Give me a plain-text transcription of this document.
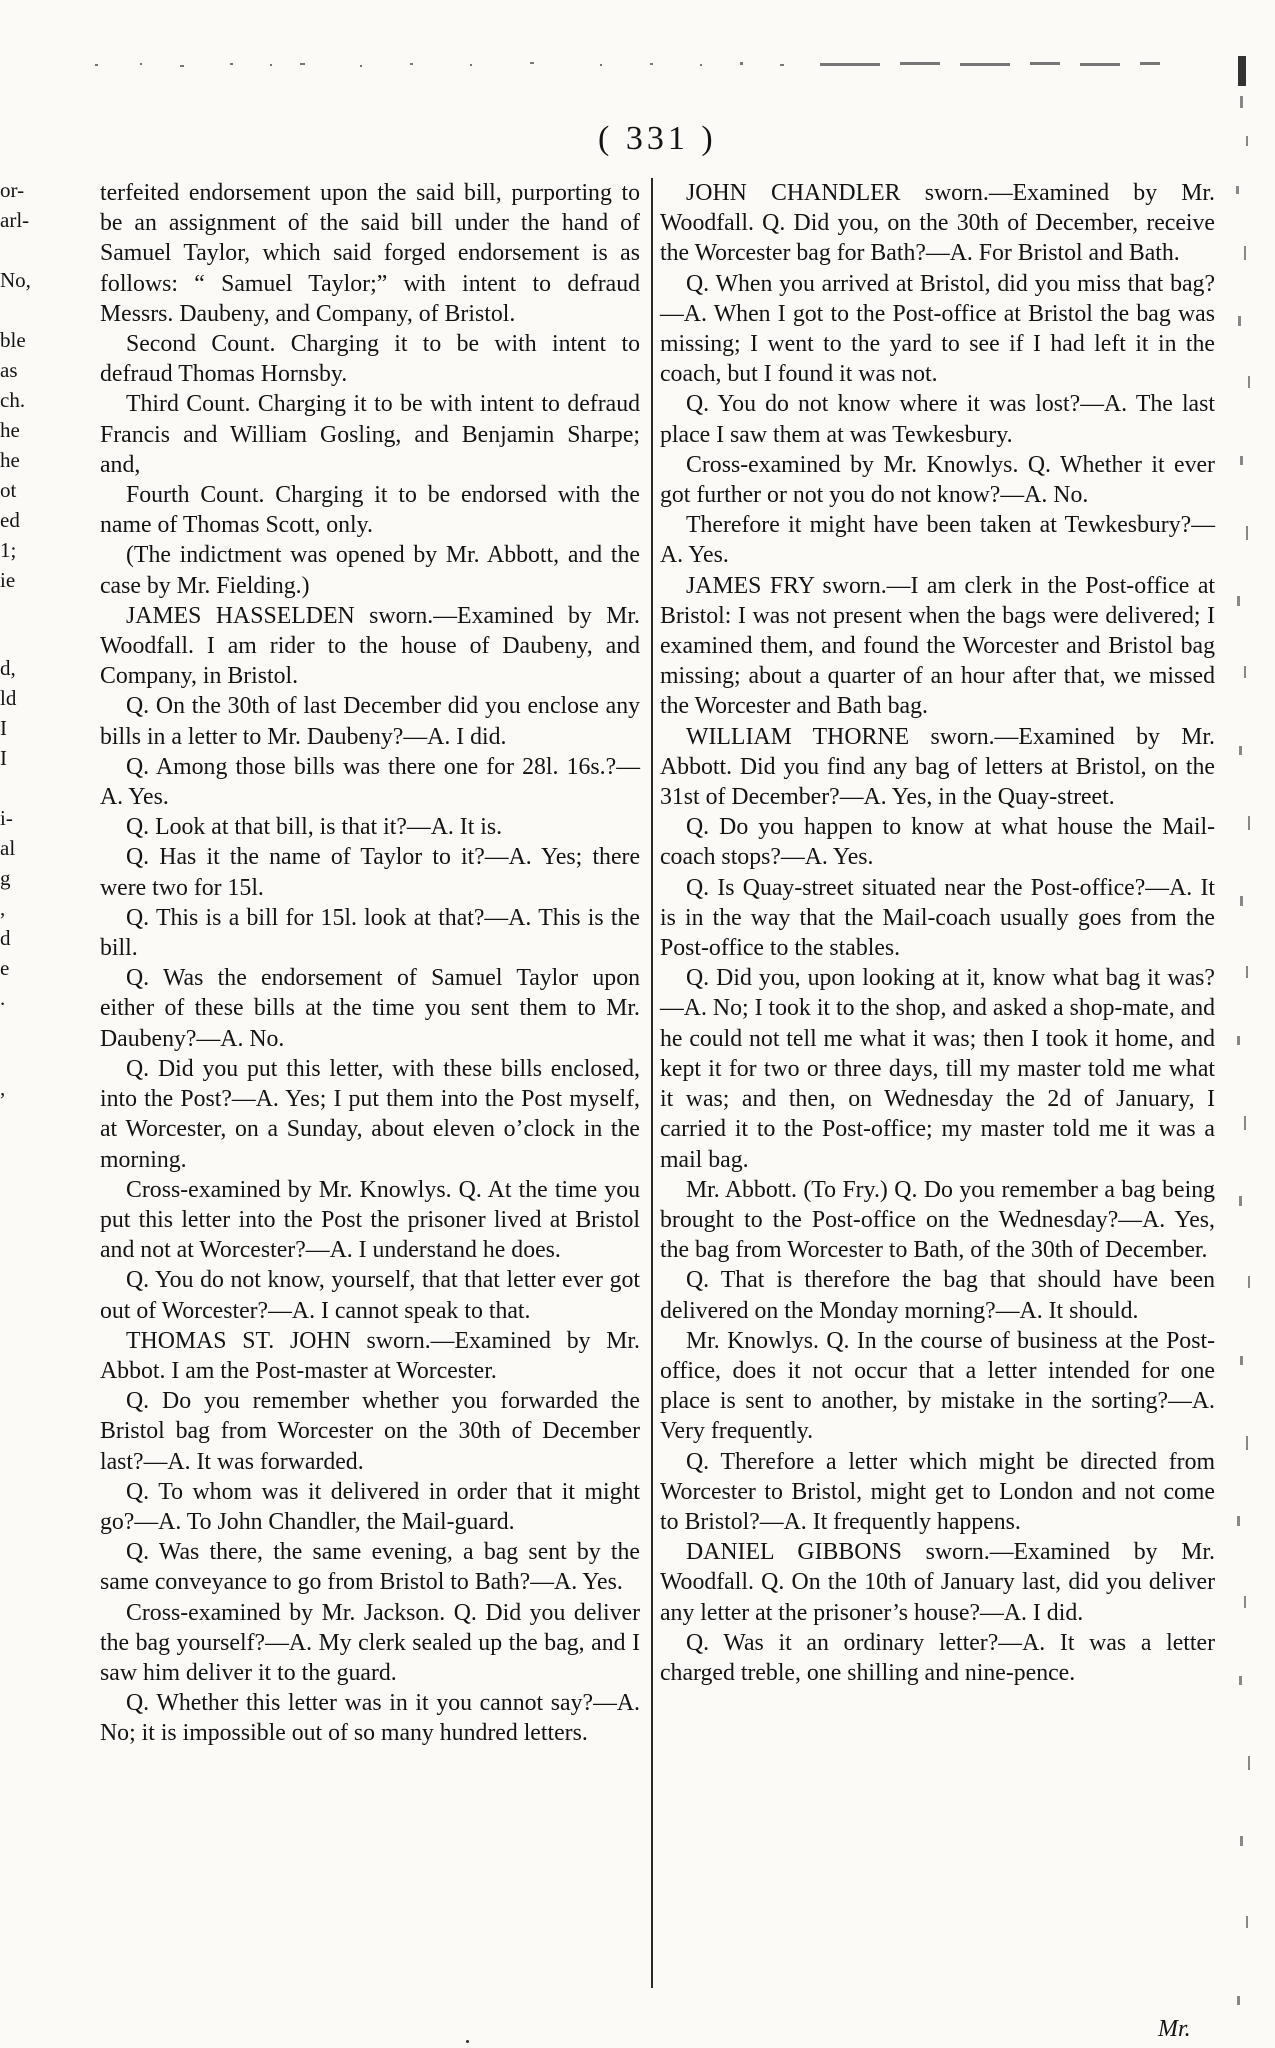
or-
arl-
No,
ble
as
ch.
he
he
ot
ed
1;
ie
d,
ld
I
I
i-
al
g
,
d
e
.
,
( 331 )

terfeited endorsement upon the said bill, purporting to be an assignment of the said bill under the hand of Samuel Taylor, which said forged endorsement is as follows: “ Samuel Taylor;” with intent to defraud Messrs. Daubeny, and Company, of Bristol.

Second Count. Charging it to be with intent to defraud Thomas Hornsby.

Third Count. Charging it to be with intent to defraud Francis and William Gosling, and Benjamin Sharpe; and,

Fourth Count. Charging it to be endorsed with the name of Thomas Scott, only.

(The indictment was opened by Mr. Abbott, and the case by Mr. Fielding.)

JAMES HASSELDEN sworn.—Examined by Mr. Woodfall. I am rider to the house of Daubeny, and Company, in Bristol.

Q. On the 30th of last December did you enclose any bills in a letter to Mr. Daubeny?—A. I did.

Q. Among those bills was there one for 28l. 16s.?—A. Yes.

Q. Look at that bill, is that it?—A. It is.

Q. Has it the name of Taylor to it?—A. Yes; there were two for 15l.

Q. This is a bill for 15l. look at that?—A. This is the bill.

Q. Was the endorsement of Samuel Taylor upon either of these bills at the time you sent them to Mr. Daubeny?—A. No.

Q. Did you put this letter, with these bills enclosed, into the Post?—A. Yes; I put them into the Post myself, at Worcester, on a Sunday, about eleven o’clock in the morning.

Cross-examined by Mr. Knowlys. Q. At the time you put this letter into the Post the prisoner lived at Bristol and not at Worcester?—A. I understand he does.

Q. You do not know, yourself, that that letter ever got out of Worcester?—A. I cannot speak to that.

THOMAS ST. JOHN sworn.—Examined by Mr. Abbot. I am the Post-master at Worcester.

Q. Do you remember whether you forwarded the Bristol bag from Worcester on the 30th of December last?—A. It was forwarded.

Q. To whom was it delivered in order that it might go?—A. To John Chandler, the Mail-guard.

Q. Was there, the same evening, a bag sent by the same conveyance to go from Bristol to Bath?—A. Yes.

Cross-examined by Mr. Jackson. Q. Did you deliver the bag yourself?—A. My clerk sealed up the bag, and I saw him deliver it to the guard.

Q. Whether this letter was in it you cannot say?—A. No; it is impossible out of so many hundred letters.

JOHN CHANDLER sworn.—Examined by Mr. Woodfall. Q. Did you, on the 30th of December, receive the Worcester bag for Bath?—A. For Bristol and Bath.

Q. When you arrived at Bristol, did you miss that bag?—A. When I got to the Post-office at Bristol the bag was missing; I went to the yard to see if I had left it in the coach, but I found it was not.

Q. You do not know where it was lost?—A. The last place I saw them at was Tewkesbury.

Cross-examined by Mr. Knowlys. Q. Whether it ever got further or not you do not know?—A. No.

Therefore it might have been taken at Tewkesbury?—A. Yes.

JAMES FRY sworn.—I am clerk in the Post-office at Bristol: I was not present when the bags were delivered; I examined them, and found the Worcester and Bristol bag missing; about a quarter of an hour after that, we missed the Worcester and Bath bag.

WILLIAM THORNE sworn.—Examined by Mr. Abbott. Did you find any bag of letters at Bristol, on the 31st of December?—A. Yes, in the Quay-street.

Q. Do you happen to know at what house the Mail-coach stops?—A. Yes.

Q. Is Quay-street situated near the Post-office?—A. It is in the way that the Mail-coach usually goes from the Post-office to the stables.

Q. Did you, upon looking at it, know what bag it was?—A. No; I took it to the shop, and asked a shop-mate, and he could not tell me what it was; then I took it home, and kept it for two or three days, till my master told me what it was; and then, on Wednesday the 2d of January, I carried it to the Post-office; my master told me it was a mail bag.

Mr. Abbott. (To Fry.) Q. Do you remember a bag being brought to the Post-office on the Wednesday?—A. Yes, the bag from Worcester to Bath, of the 30th of December.

Q. That is therefore the bag that should have been delivered on the Monday morning?—A. It should.

Mr. Knowlys. Q. In the course of business at the Post-office, does it not occur that a letter intended for one place is sent to another, by mistake in the sorting?—A. Very frequently.

Q. Therefore a letter which might be directed from Worcester to Bristol, might get to London and not come to Bristol?—A. It frequently happens.

DANIEL GIBBONS sworn.—Examined by Mr. Woodfall. Q. On the 10th of January last, did you deliver any letter at the prisoner’s house?—A. I did.

Q. Was it an ordinary letter?—A. It was a letter charged treble, one shilling and nine-pence.

Mr.
